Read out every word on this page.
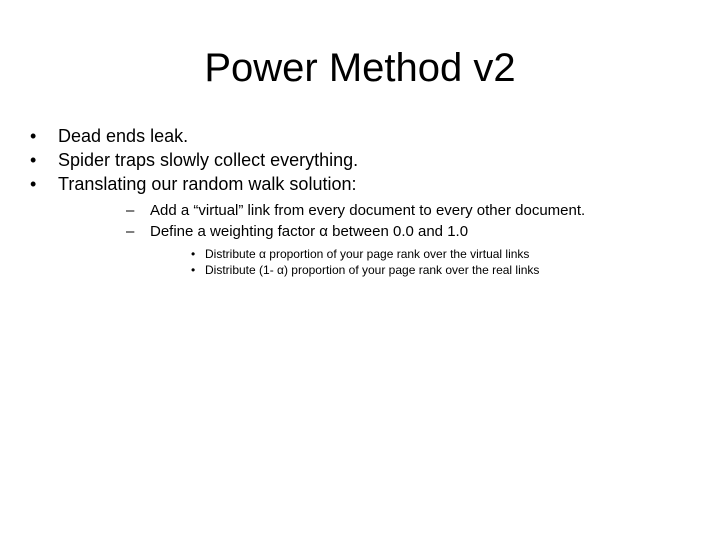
Power Method v2
•	Dead ends leak.
•	Spider traps slowly collect everything.
•	Translating our random walk solution:
–	Add a “virtual” link from every document to every other document.
–	Define a weighting factor α between 0.0 and 1.0
• Distribute α proportion of your page rank over the virtual links
• Distribute (1- α) proportion of your page rank over the real links
